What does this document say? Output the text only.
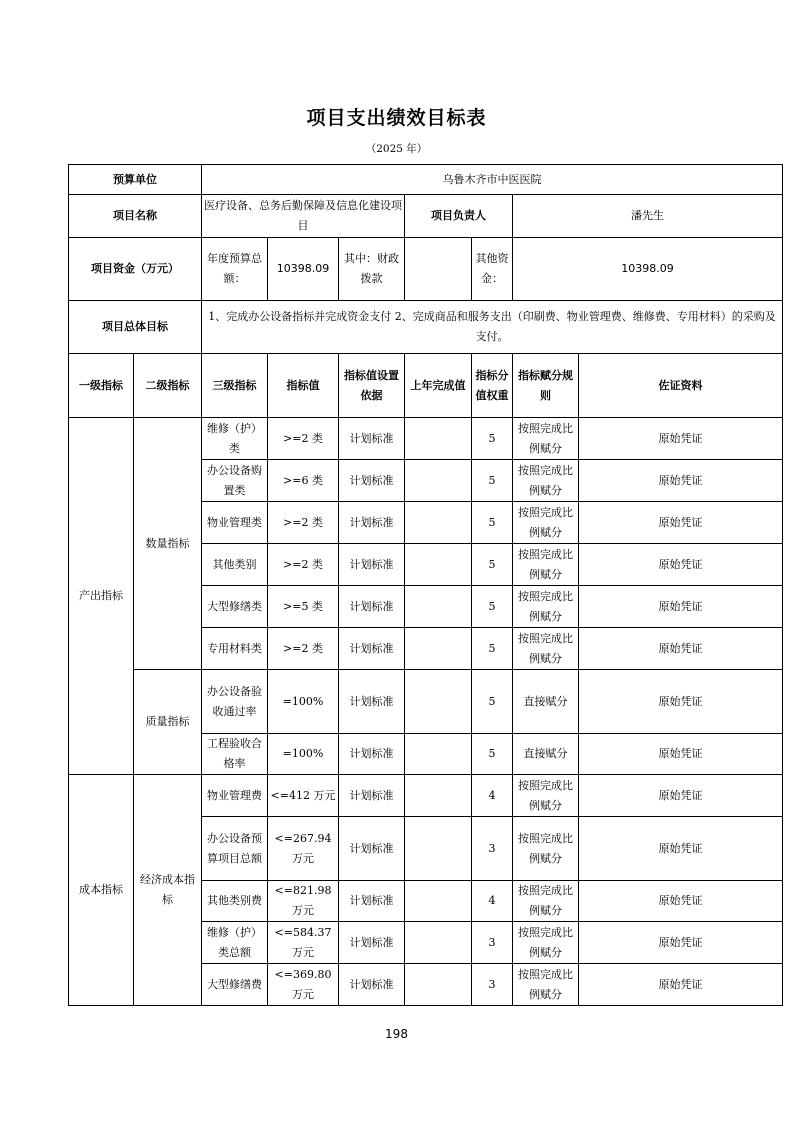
项目支出绩效目标表
（2025 年）
预算单位		乌鲁木齐市中医医院						
项目名称		医疗设备、总务后勤保障及信息化建设项目			项目负责人		潘先生	
项目资金（万元）		年度预算总额：	10398.09	其中：财政拨款		其他资金：	10398.09	
项目总体目标		1、完成办公设备指标并完成资金支付 2、完成商品和服务支出（印刷费、物业管理费、维修费、专用材料）的采购及支付。						
一级指标	二级指标	三级指标	指标值	指标值设置依据	上年完成值	指标分值权重	指标赋分规则	佐证资料
产出指标	数量指标	维修（护）类	>=2 类	计划标准		5	按照完成比例赋分	原始凭证
		办公设备购置类	>=6 类	计划标准		5	按照完成比例赋分	原始凭证
		物业管理类	>=2 类	计划标准		5	按照完成比例赋分	原始凭证
		其他类别	>=2 类	计划标准		5	按照完成比例赋分	原始凭证
		大型修缮类	>=5 类	计划标准		5	按照完成比例赋分	原始凭证
		专用材料类	>=2 类	计划标准		5	按照完成比例赋分	原始凭证
	质量指标	办公设备验收通过率	=100%	计划标准		5	直接赋分	原始凭证
		工程验收合格率	=100%	计划标准		5	直接赋分	原始凭证
成本指标	经济成本指标	物业管理费	<=412 万元	计划标准		4	按照完成比例赋分	原始凭证
		办公设备预算项目总额	<=267.94 万元	计划标准		3	按照完成比例赋分	原始凭证
		其他类别费	<=821.98 万元	计划标准		4	按照完成比例赋分	原始凭证
		维修（护）类总额	<=584.37 万元	计划标准		3	按照完成比例赋分	原始凭证
		大型修缮费	<=369.80 万元	计划标准		3	按照完成比例赋分	原始凭证
198
